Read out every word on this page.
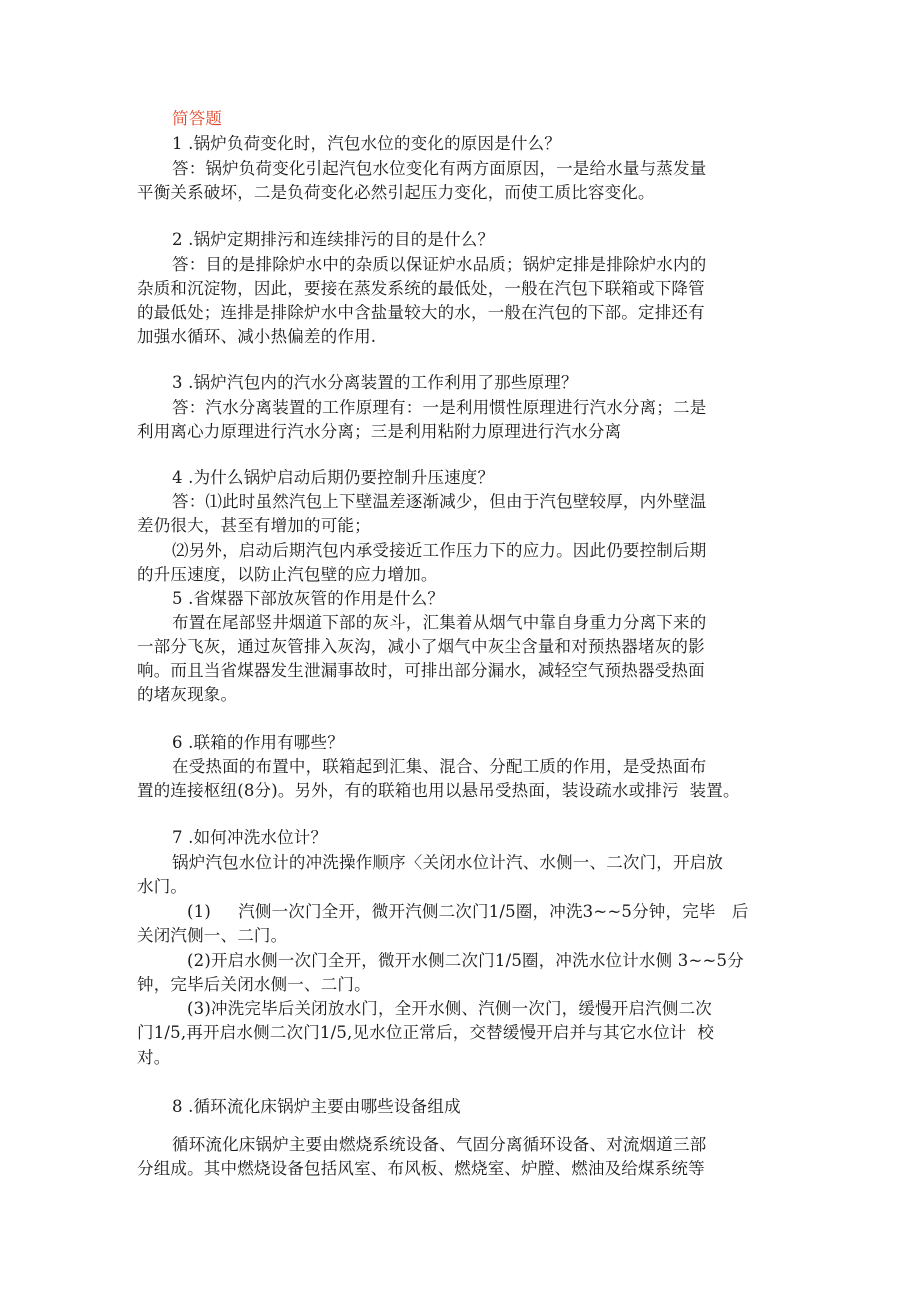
简答题
1 .锅炉负荷变化时，汽包水位的变化的原因是什么？
答：锅炉负荷变化引起汽包水位变化有两方面原因，一是给水量与蒸发量
平衡关系破坏，二是负荷变化必然引起压力变化，而使工质比容变化。
2 .锅炉定期排污和连续排污的目的是什么？
答：目的是排除炉水中的杂质以保证炉水品质；锅炉定排是排除炉水内的
杂质和沉淀物，因此，要接在蒸发系统的最低处，一般在汽包下联箱或下降管
的最低处；连排是排除炉水中含盐量较大的水，一般在汽包的下部。定排还有
加强水循环、减小热偏差的作用.
3 .锅炉汽包内的汽水分离装置的工作利用了那些原理？
答：汽水分离装置的工作原理有：一是利用惯性原理进行汽水分离；二是
利用离心力原理进行汽水分离；三是利用粘附力原理进行汽水分离
4 .为什么锅炉启动后期仍要控制升压速度？
答：⑴此时虽然汽包上下壁温差逐渐减少，但由于汽包壁较厚，内外壁温
差仍很大，甚至有增加的可能；
⑵另外，启动后期汽包内承受接近工作压力下的应力。因此仍要控制后期
的升压速度，以防止汽包壁的应力增加。
5 .省煤器下部放灰管的作用是什么？
布置在尾部竖井烟道下部的灰斗，汇集着从烟气中靠自身重力分离下来的
一部分飞灰，通过灰管排入灰沟，减小了烟气中灰尘含量和对预热器堵灰的影
响。而且当省煤器发生泄漏事故时，可排出部分漏水，减轻空气预热器受热面
的堵灰现象。
6 .联箱的作用有哪些？
在受热面的布置中，联箱起到汇集、混合、分配工质的作用，是受热面布
置的连接枢纽(8分)。另外，有的联箱也用以悬吊受热面，装设疏水或排污  装置。
7 .如何冲洗水位计？
锅炉汽包水位计的冲洗操作顺序〈关闭水位计汽、水侧一、二次门，开启放
水门。
(1)     汽侧一次门全开，微开汽侧二次门1/5圈，冲洗3~~5分钟，完毕   后
关闭汽侧一、二门。
(2)开启水侧一次门全开，微开水侧二次门1/5圈，冲洗水位计水侧 3~~5分
钟，完毕后关闭水侧一、二门。
(3)冲洗完毕后关闭放水门，全开水侧、汽侧一次门，缓慢开启汽侧二次
门1/5,再开启水侧二次门1/5,见水位正常后，交替缓慢开启并与其它水位计  校
对。
8 .循环流化床锅炉主要由哪些设备组成
循环流化床锅炉主要由燃烧系统设备、气固分离循环设备、对流烟道三部
分组成。其中燃烧设备包括风室、布风板、燃烧室、炉膛、燃油及给煤系统等
